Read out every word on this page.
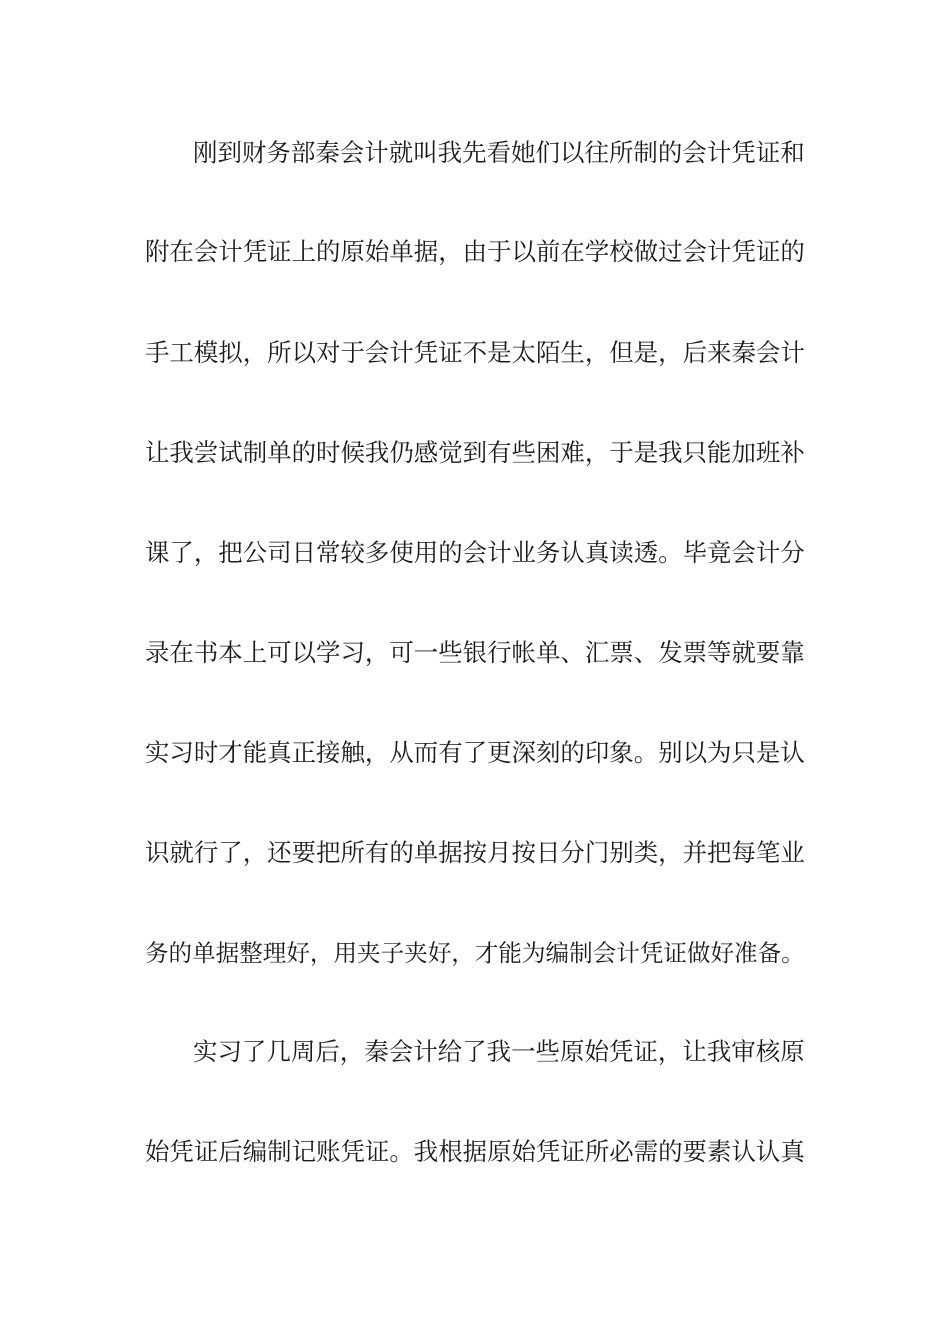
刚到财务部秦会计就叫我先看她们以往所制的会计凭证和
附在会计凭证上的原始单据，由于以前在学校做过会计凭证的
手工模拟，所以对于会计凭证不是太陌生，但是，后来秦会计
让我尝试制单的时候我仍感觉到有些困难，于是我只能加班补
课了，把公司日常较多使用的会计业务认真读透。毕竟会计分
录在书本上可以学习，可一些银行帐单、汇票、发票等就要靠
实习时才能真正接触，从而有了更深刻的印象。别以为只是认
识就行了，还要把所有的单据按月按日分门别类，并把每笔业
务的单据整理好，用夹子夹好，才能为编制会计凭证做好准备。
实习了几周后，秦会计给了我一些原始凭证，让我审核原
始凭证后编制记账凭证。我根据原始凭证所必需的要素认认真
